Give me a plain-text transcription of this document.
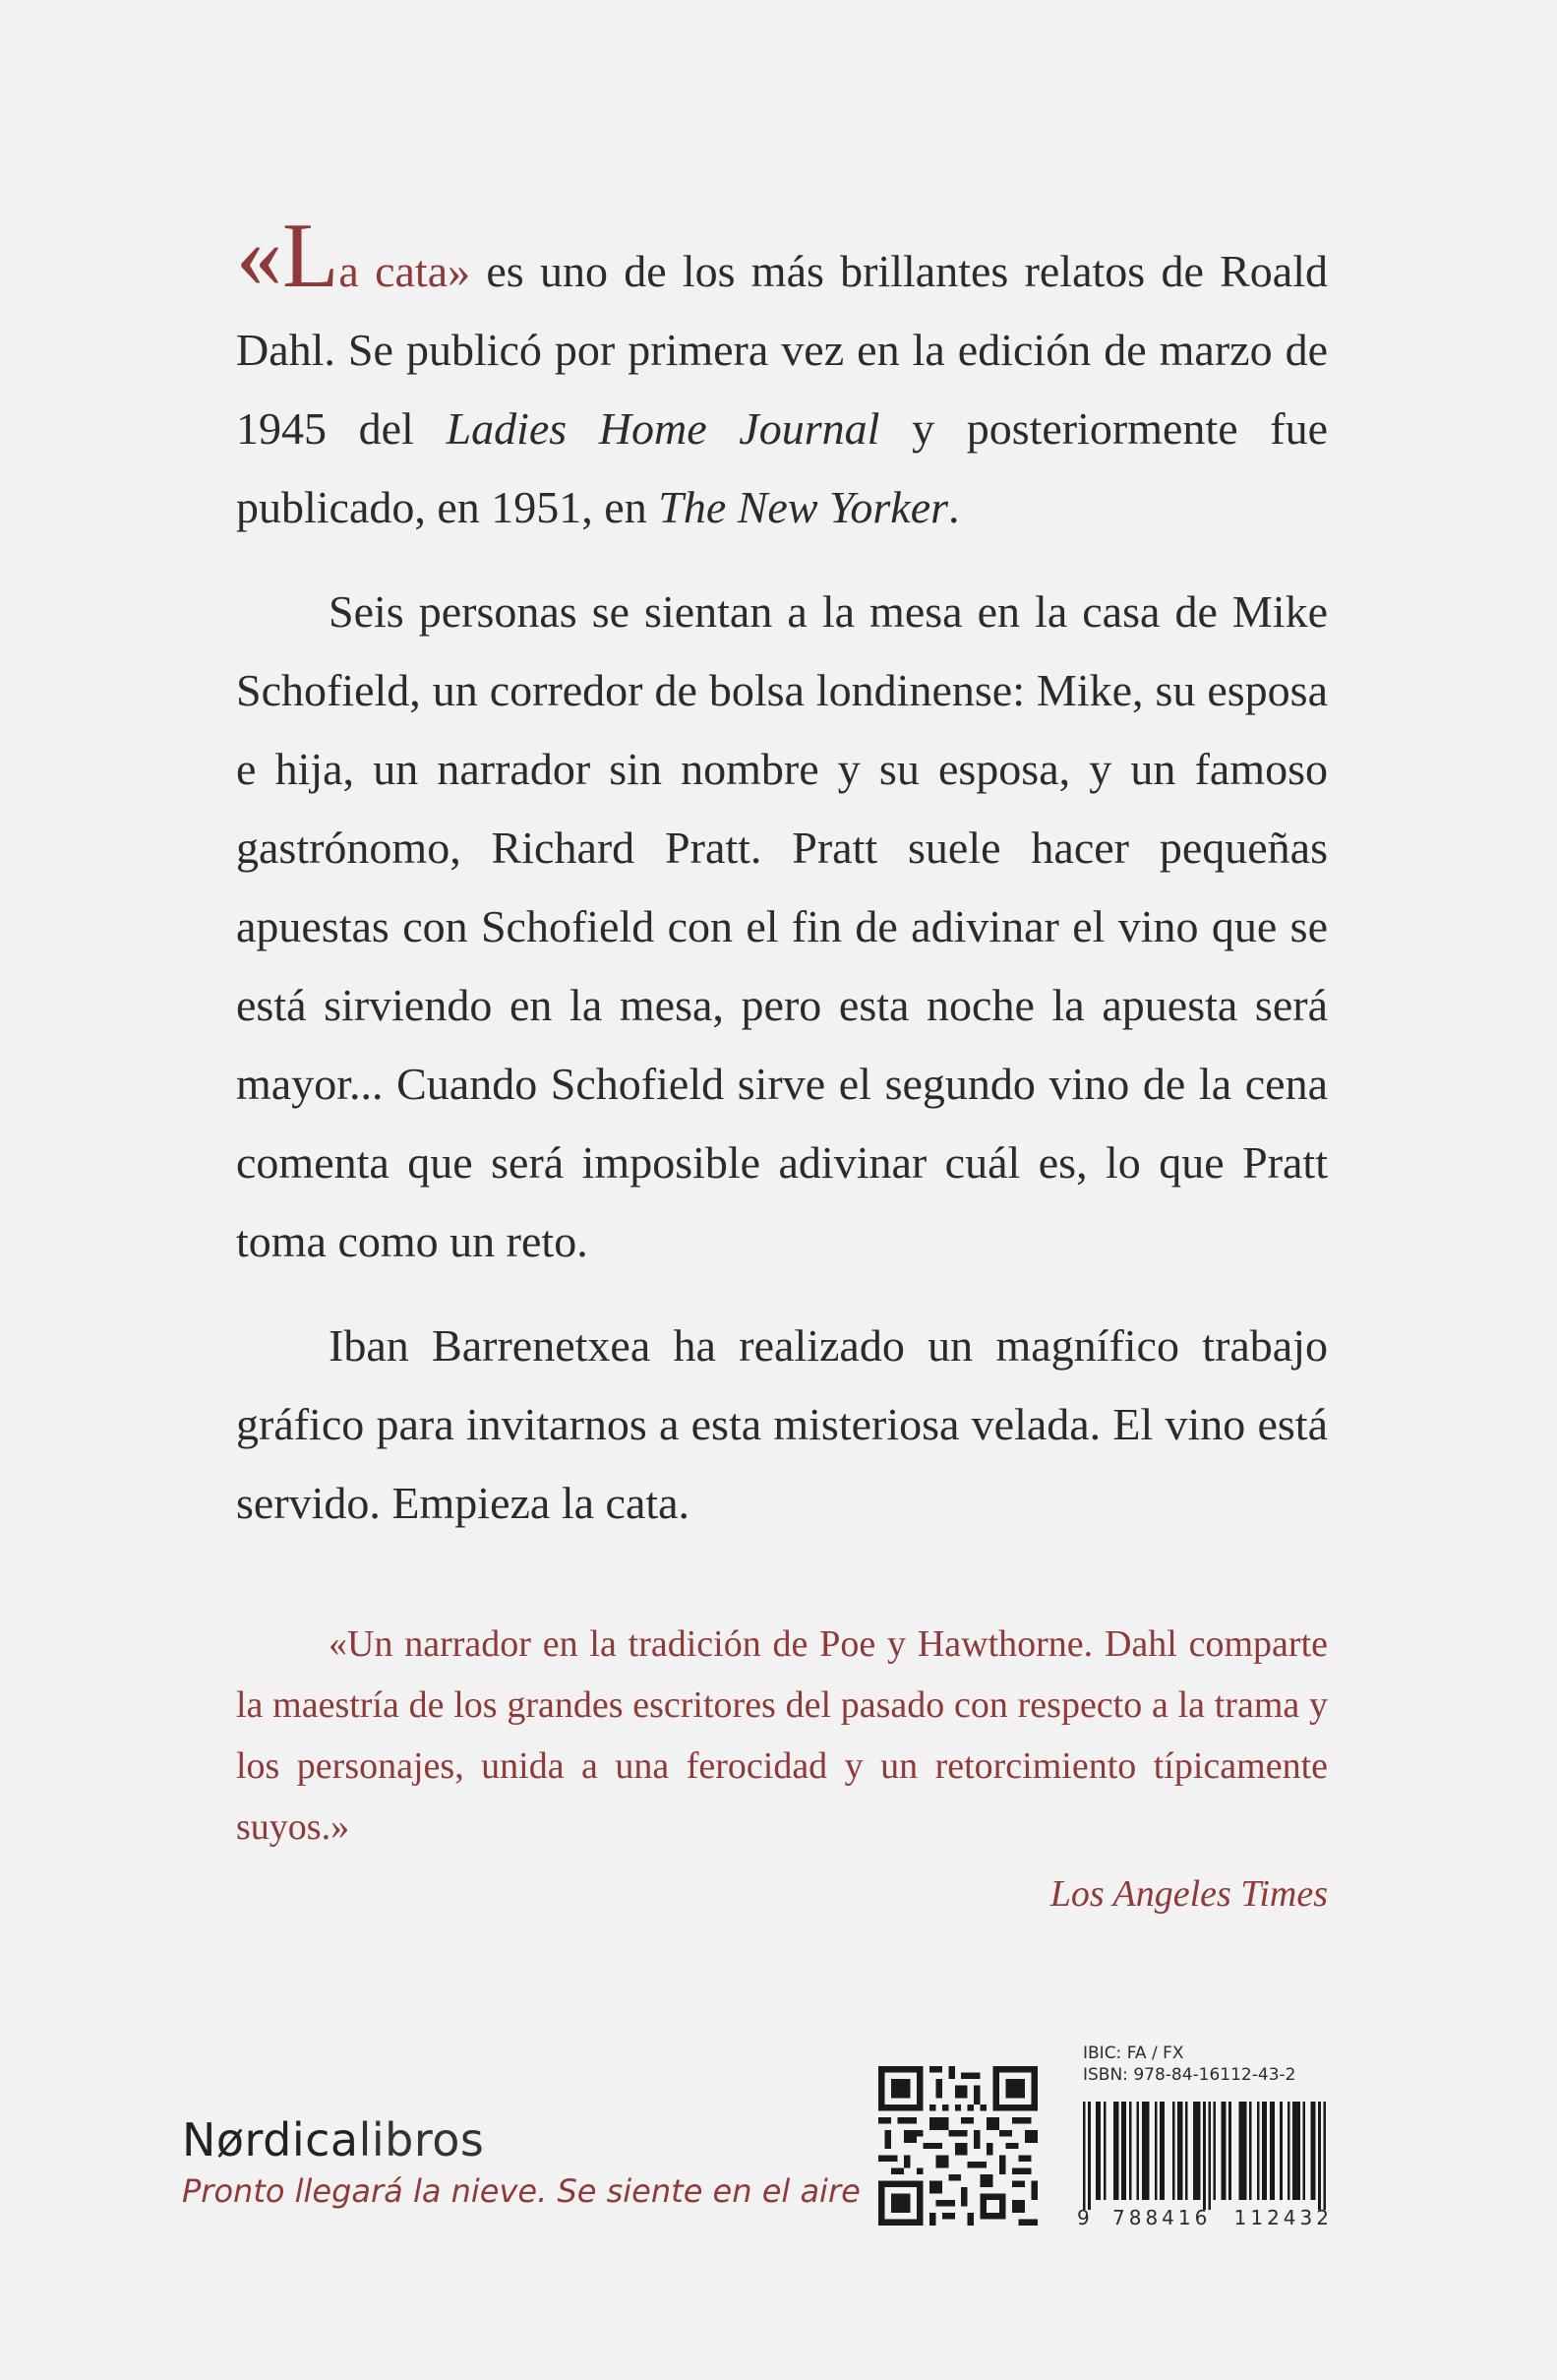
«La cata» es uno de los más brillantes relatos de Roald Dahl. Se publicó por primera vez en la edición de marzo de 1945 del Ladies Home Journal y posteriormente fue publicado, en 1951, en The New Yorker.

Seis personas se sientan a la mesa en la casa de Mike Schofield, un corredor de bolsa londinense: Mike, su esposa e hija, un narrador sin nombre y su esposa, y un famoso gastrónomo, Richard Pratt. Pratt suele hacer pequeñas apuestas con Schofield con el fin de adivinar el vino que se está sirviendo en la mesa, pero esta noche la apuesta será mayor... Cuando Schofield sirve el segundo vino de la cena comenta que será imposible adivinar cuál es, lo que Pratt toma como un reto.

Iban Barrenetxea ha realizado un magnífico trabajo gráfico para invitarnos a esta misteriosa velada. El vino está servido. Empieza la cata.

«Un narrador en la tradición de Poe y Hawthorne. Dahl comparte la maestría de los grandes escritores del pasado con respecto a la trama y los personajes, unida a una ferocidad y un retorcimiento típicamente suyos.»

Los Angeles Times

Nørdicalibros
Pronto llegará la nieve. Se siente en el aire
IBIC: FA / FX
ISBN: 978-84-16112-43-2
9 788416 112432
